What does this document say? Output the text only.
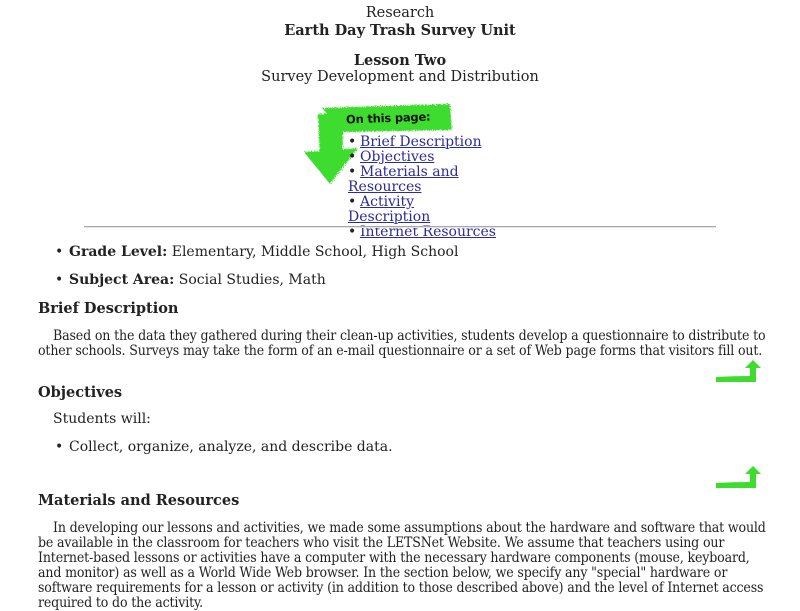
Research
Earth Day Trash Survey Unit
Lesson Two
Survey Development and Distribution
On this page:
• Brief Description
• Objectives
• Materials and Resources
• Activity Description
• Internet Resources
• Grade Level: Elementary, Middle School, High School
• Subject Area: Social Studies, Math
Brief Description
Based on the data they gathered during their clean-up activities, students develop a questionnaire to distribute to other schools. Surveys may take the form of an e-mail questionnaire or a set of Web page forms that visitors fill out.
Objectives
Students will:
• Collect, organize, analyze, and describe data.
Materials and Resources
In developing our lessons and activities, we made some assumptions about the hardware and software that would be available in the classroom for teachers who visit the LETSNet Website. We assume that teachers using our Internet-based lessons or activities have a computer with the necessary hardware components (mouse, keyboard, and monitor) as well as a World Wide Web browser. In the section below, we specify any "special" hardware or software requirements for a lesson or activity (in addition to those described above) and the level of Internet access required to do the activity.
